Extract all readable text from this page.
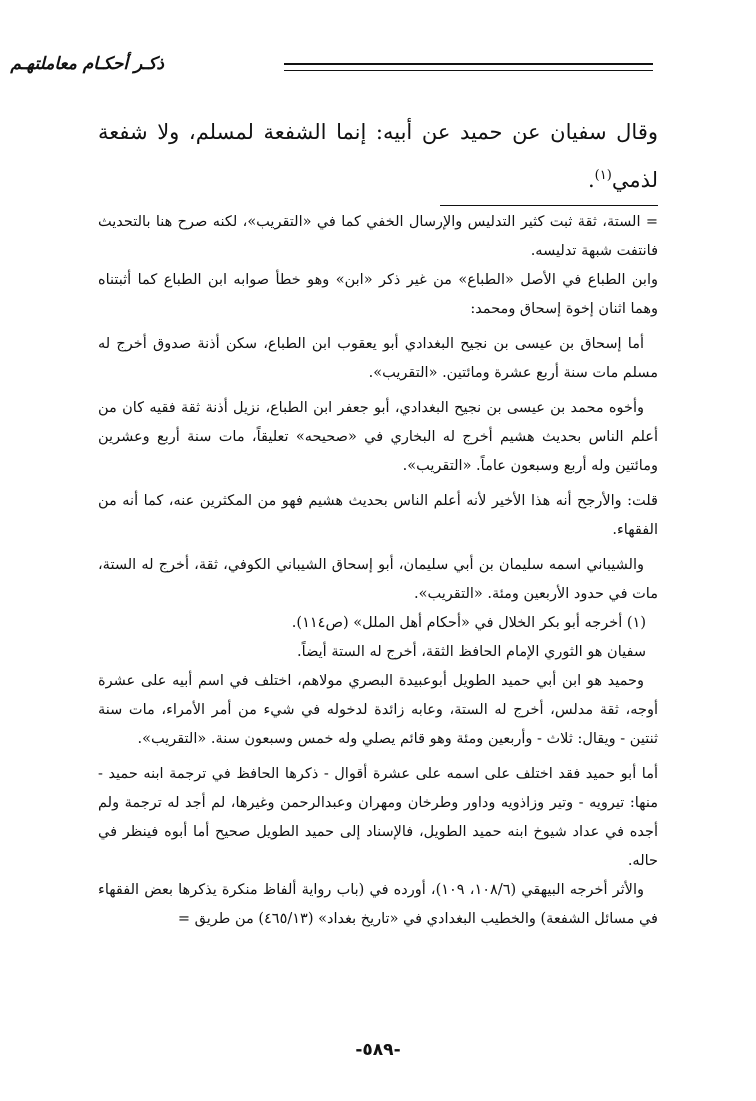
ذكـر أحكـام معاملتهـم

وقال سفيان عن حميد عن أبيه: إنما الشفعة لمسلم، ولا شفعة لذمي$^{(١)}$.

= الستة، ثقة ثبت كثير التدليس والإرسال الخفي كما في «التقريب»، لكنه صرح هنا بالتحديث فانتفت شبهة تدليسه.

وابن الطباع في الأصل «الطباع» من غير ذكر «ابن» وهو خطأ صوابه ابن الطباع كما أثبتناه وهما اثنان إخوة إسحاق ومحمد:

أما إسحاق بن عيسى بن نجيح البغدادي أبو يعقوب ابن الطباع، سكن أذنة صدوق أخرج له مسلم مات سنة أربع عشرة ومائتين. «التقريب».

وأخوه محمد بن عيسى بن نجيح البغدادي، أبو جعفر ابن الطباع، نزيل أذنة ثقة فقيه كان من أعلم الناس بحديث هشيم أخرج له البخاري في «صحيحه» تعليقاً، مات سنة أربع وعشرين ومائتين وله أربع وسبعون عاماً. «التقريب».

قلت: والأرجح أنه هذا الأخير لأنه أعلم الناس بحديث هشيم فهو من المكثرين عنه، كما أنه من الفقهاء.

والشيباني اسمه سليمان بن أبي سليمان، أبو إسحاق الشيباني الكوفي، ثقة، أخرج له الستة، مات في حدود الأربعين ومئة. «التقريب».

(١) أخرجه أبو بكر الخلال في «أحكام أهل الملل» (ص١١٤).

سفيان هو الثوري الإمام الحافظ الثقة، أخرج له الستة أيضاً.

وحميد هو ابن أبي حميد الطويل أبوعبيدة البصري مولاهم، اختلف في اسم أبيه على عشرة أوجه، ثقة مدلس، أخرج له الستة، وعابه زائدة لدخوله في شيء من أمر الأمراء، مات سنة ثنتين - ويقال: ثلاث - وأربعين ومئة وهو قائم يصلي وله خمس وسبعون سنة. «التقريب».

أما أبو حميد فقد اختلف على اسمه على عشرة أقوال - ذكرها الحافظ في ترجمة ابنه حميد - منها: تيرويه - وتير وزاذويه وداور وطرخان ومهران وعبدالرحمن وغيرها، لم أجد له ترجمة ولم أجده في عداد شيوخ ابنه حميد الطويل، فالإسناد إلى حميد الطويل صحيح أما أبوه فينظر في حاله.

والأثر أخرجه البيهقي (١٠٨/٦، ١٠٩)، أورده في (باب رواية ألفاظ منكرة يذكرها بعض الفقهاء في مسائل الشفعة) والخطيب البغدادي في «تاريخ بغداد» (٤٦٥/١٣) من طريق =

-٥٨٩-
